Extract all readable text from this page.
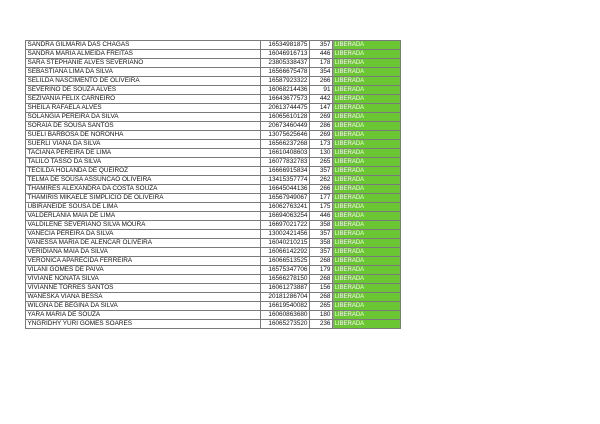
SANDRA GILMARIA DAS CHAGAS	16534981875	357	LIBERADA
SANDRA MARIA ALMEIDA FREITAS	16046916713	446	LIBERADA
SARA STEPHANIE ALVES SEVERIANO	23805338437	178	LIBERADA
SEBASTIANA LIMA DA SILVA	16566675478	354	LIBERADA
SELILDA NASCIMENTO DE OLIVEIRA	16587923322	266	LIBERADA
SEVERINO DE SOUZA ALVES	16068214436	91	LIBERADA
SEZIVANIA FELIX CARNEIRO	16643677573	442	LIBERADA
SHEILA RAFAELA ALVES	20613744475	147	LIBERADA
SOLANGIA PEREIRA DA SILVA	16065610128	269	LIBERADA
SORAIA DE SOUSA SANTOS	20673460449	286	LIBERADA
SUELI BARBOSA DE NORONHA	13075625646	269	LIBERADA
SUERLI VIANA DA SILVA	16566237268	173	LIBERADA
TACIANA PEREIRA DE LIMA	16610408603	130	LIBERADA
TALILO TASSO DA SILVA	16077832783	265	LIBERADA
TECILDA HOLANDA DE QUEIROZ	16666915834	357	LIBERADA
TELMA DE SOUSA ASSUNCAO OLIVEIRA	13415357774	262	LIBERADA
THAMIRES ALEXANDRA DA COSTA SOUZA	16645044136	266	LIBERADA
THAMIRIS MIKAELE SIMPLICIO DE OLIVEIRA	16567949067	177	LIBERADA
UBIRANEIDE SOUSA DE LIMA	16062763241	175	LIBERADA
VALDERLANIA MAIA DE LIMA	16694063254	446	LIBERADA
VALDILENE SEVERIANO SILVA MOURA	16697021722	358	LIBERADA
VANECIA PEREIRA DA SILVA	13002421456	357	LIBERADA
VANESSA MARIA DE ALENCAR OLIVEIRA	16040210215	358	LIBERADA
VERIDIANA MAIA DA SILVA	16066142292	357	LIBERADA
VERONICA APARECIDA FERREIRA	16066513525	268	LIBERADA
VILANI GOMES DE PAIVA	16575347706	179	LIBERADA
VIVIANE NONATA SILVA	16566278150	268	LIBERADA
VIVIANNE TORRES SANTOS	16061273887	156	LIBERADA
WANESKA VIANA BESSA	20181286704	268	LIBERADA
WILGNA DE BEGINA DA SILVA	16619540082	265	LIBERADA
YARA MARIA DE SOUZA	16060863680	180	LIBERADA
YNGRIDHY YURI GOMES SOARES	16065273520	236	LIBERADA
